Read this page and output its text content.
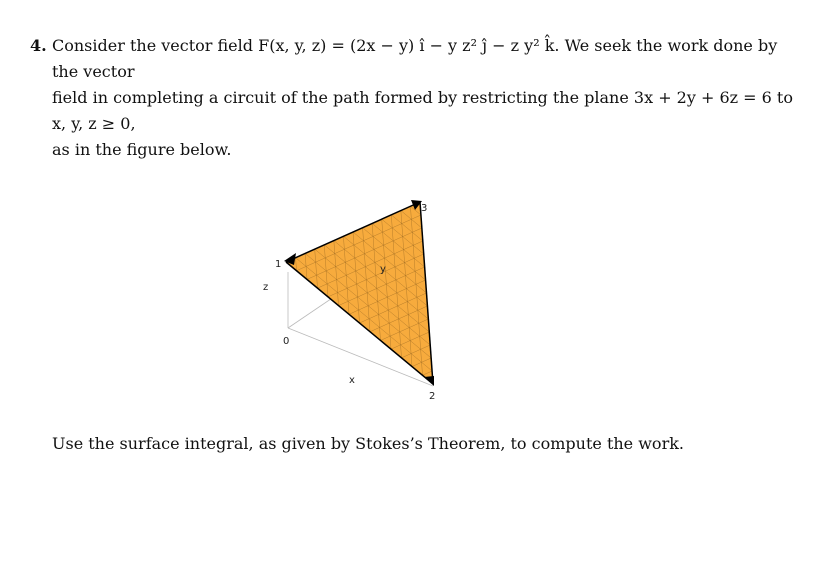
4. Consider the vector field F(x, y, z) = (2x − y) î − y z² ĵ − z y² k̂. We seek the work done by the vector
field in completing a circuit of the path formed by restricting the plane 3x + 2y + 6z = 6 to x, y, z ≥ 0,
as in the figure below.
z
y
x
1
3
0
2
Use the surface integral, as given by Stokes’s Theorem, to compute the work.
